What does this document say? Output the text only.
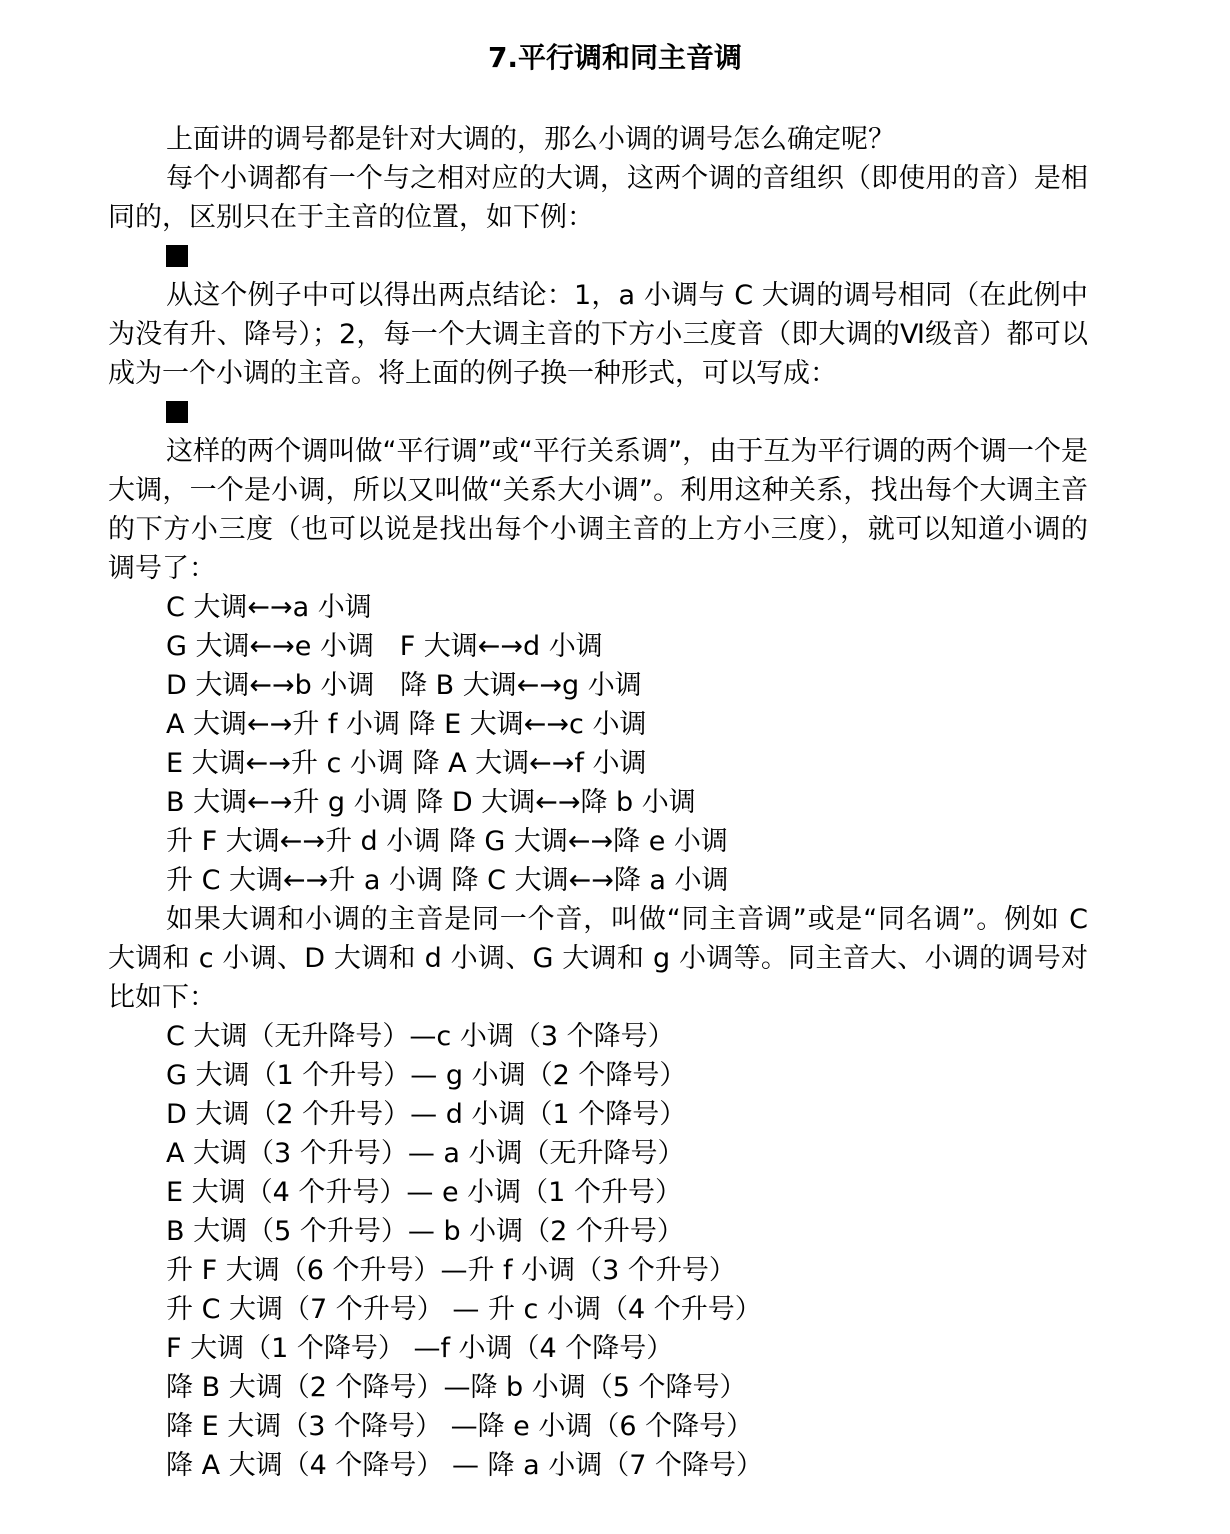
7.平行调和同主音调

上面讲的调号都是针对大调的，那么小调的调号怎么确定呢？

每个小调都有一个与之相对应的大调，这两个调的音组织（即使用的音）是相同的，区别只在于主音的位置，如下例：

从这个例子中可以得出两点结论：1，a 小调与 C 大调的调号相同（在此例中为没有升、降号）；2，每一个大调主音的下方小三度音（即大调的Ⅵ级音）都可以成为一个小调的主音。将上面的例子换一种形式，可以写成：

这样的两个调叫做“平行调”或“平行关系调”，由于互为平行调的两个调一个是大调，一个是小调，所以又叫做“关系大小调”。利用这种关系，找出每个大调主音的下方小三度（也可以说是找出每个小调主音的上方小三度），就可以知道小调的调号了：

C 大调←→a 小调

G 大调←→e 小调   F 大调←→d 小调

D 大调←→b 小调   降 B 大调←→g 小调

A 大调←→升 f 小调 降 E 大调←→c 小调

E 大调←→升 c 小调 降 A 大调←→f 小调

B 大调←→升 g 小调 降 D 大调←→降 b 小调

升 F 大调←→升 d 小调 降 G 大调←→降 e 小调

升 C 大调←→升 a 小调 降 C 大调←→降 a 小调

如果大调和小调的主音是同一个音，叫做“同主音调”或是“同名调”。例如 C 大调和 c 小调、D 大调和 d 小调、G 大调和 g 小调等。同主音大、小调的调号对比如下：

C 大调（无升降号）—c 小调（3 个降号）

G 大调（1 个升号）— g 小调（2 个降号）

D 大调（2 个升号）— d 小调（1 个降号）

A 大调（3 个升号）— a 小调（无升降号）

E 大调（4 个升号）— e 小调（1 个升号）

B 大调（5 个升号）— b 小调（2 个升号）

升 F 大调（6 个升号）—升 f 小调（3 个升号）

升 C 大调（7 个升号） — 升 c 小调（4 个升号）

F 大调（1 个降号） —f 小调（4 个降号）

降 B 大调（2 个降号）—降 b 小调（5 个降号）

降 E 大调（3 个降号） —降 e 小调（6 个降号）

降 A 大调（4 个降号） — 降 a 小调（7 个降号）
